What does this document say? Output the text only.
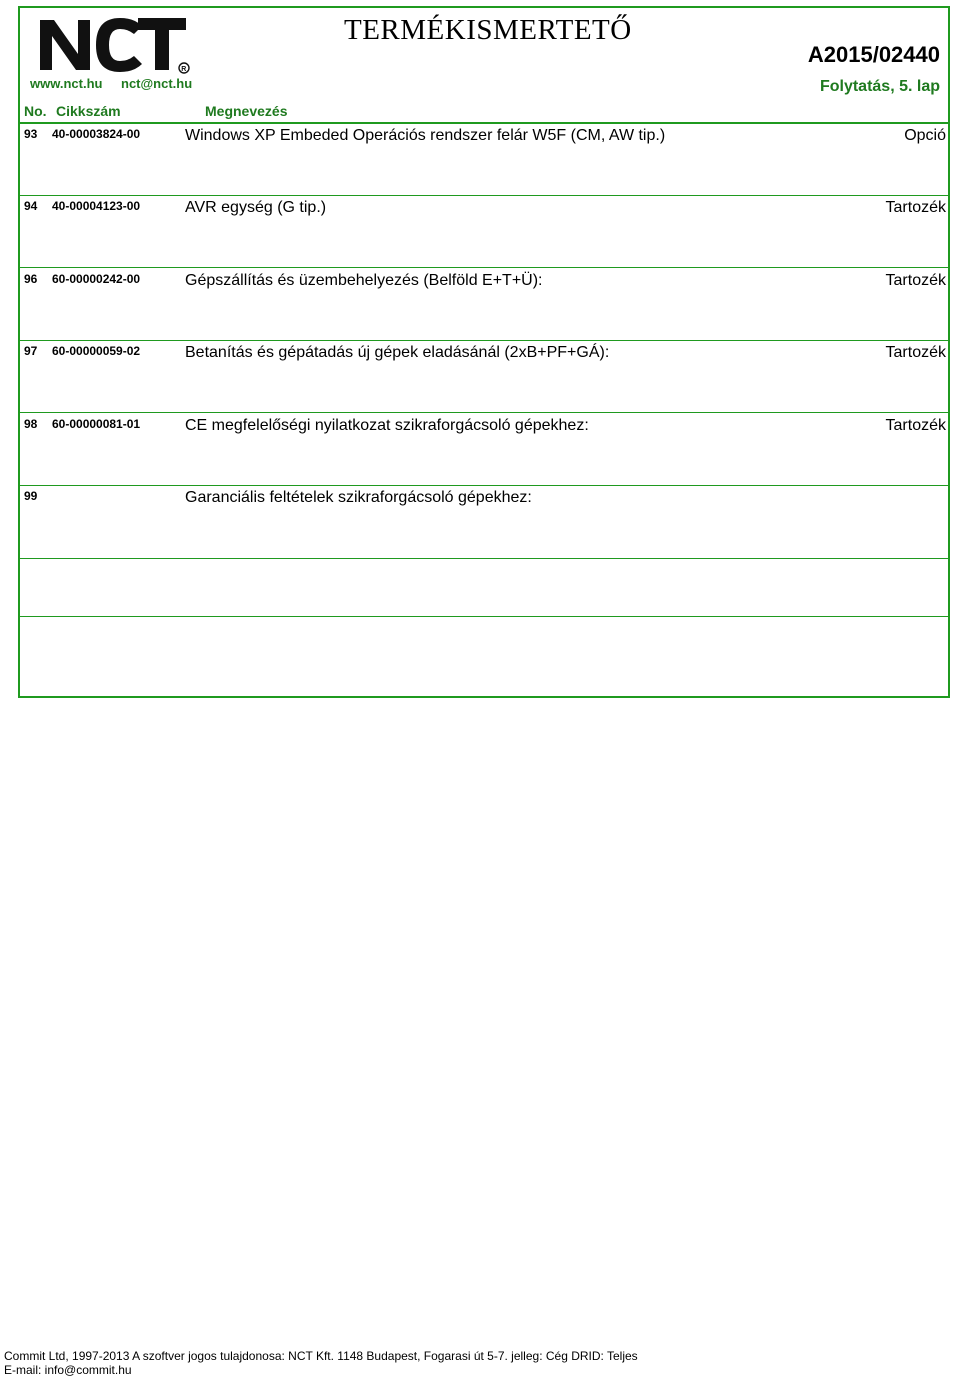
R
www.nct.hu nct@nct.hu
TERMÉKISMERTETŐ
A2015/02440
Folytatás, 5. lap
No. Cikkszám	Megnevezés
93 40-00003824-00	Windows XP Embeded Operációs rendszer felár W5F (CM, AW tip.)	Opció
94 40-00004123-00	AVR egység (G tip.)	Tartozék
96 60-00000242-00	Gépszállítás és üzembehelyezés (Belföld E+T+Ü):	Tartozék
97 60-00000059-02	Betanítás és gépátadás új gépek eladásánál (2xB+PF+GÁ):	Tartozék
98 60-00000081-01	CE megfelelőségi nyilatkozat szikraforgácsoló gépekhez:	Tartozék
99	Garanciális feltételek szikraforgácsoló gépekhez:
Commit Ltd, 1997-2013 A szoftver jogos tulajdonosa: NCT Kft. 1148 Budapest, Fogarasi út 5-7. jelleg: Cég DRID: Teljes
E-mail: info@commit.hu
